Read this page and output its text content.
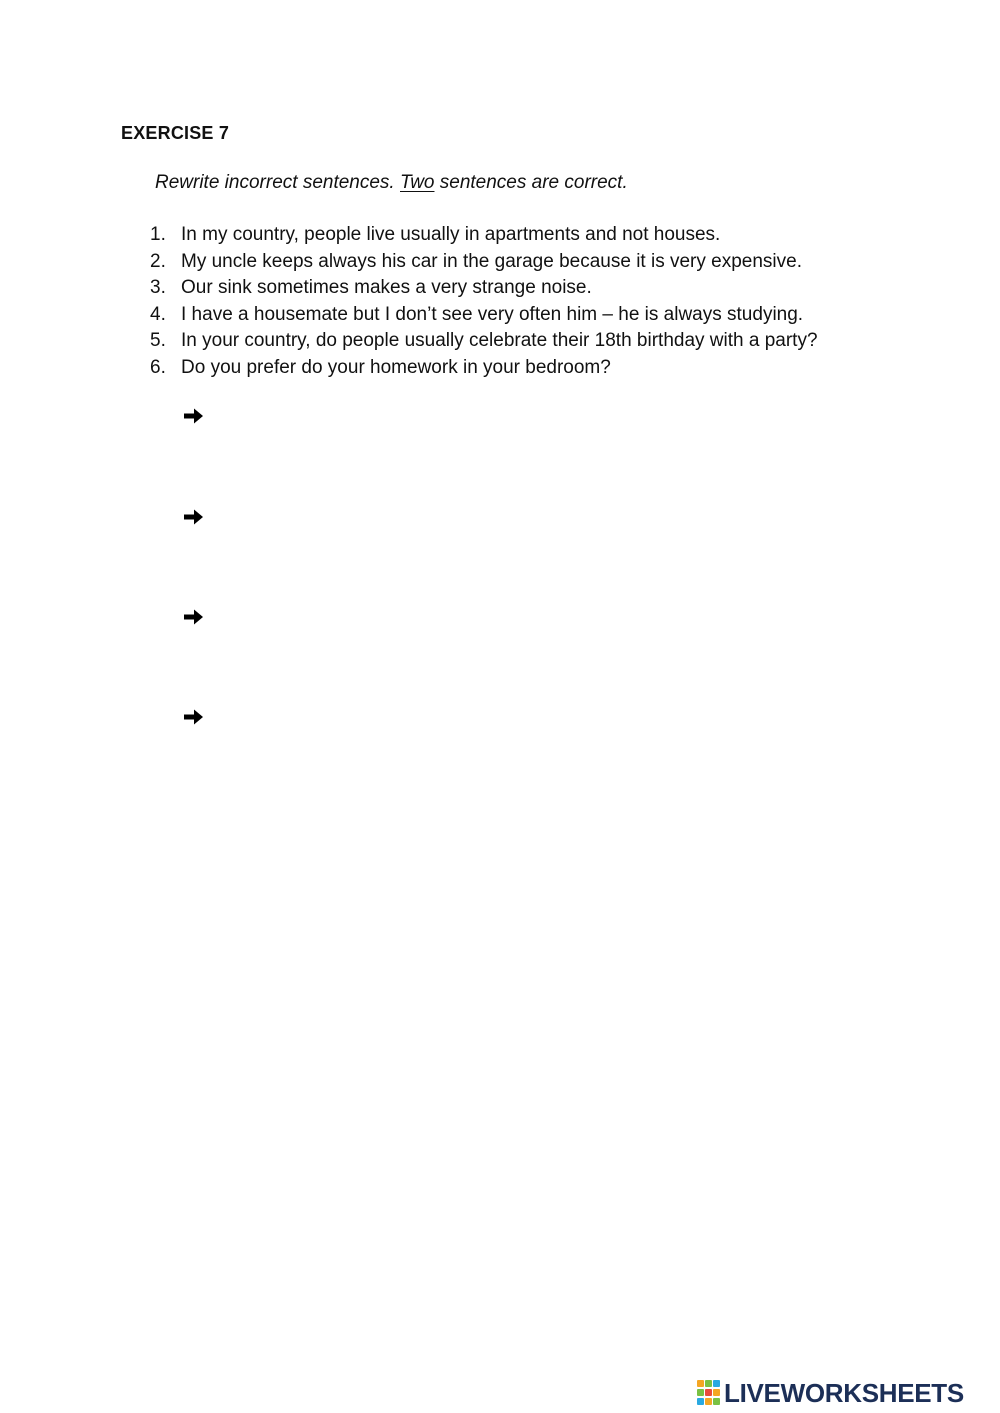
EXERCISE 7
Rewrite incorrect sentences. Two sentences are correct.
1. In my country, people live usually in apartments and not houses.
2. My uncle keeps always his car in the garage because it is very expensive.
3. Our sink sometimes makes a very strange noise.
4. I have a housemate but I don’t see very often him – he is always studying.
5. In your country, do people usually celebrate their 18th birthday with a party?
6. Do you prefer do your homework in your bedroom?
LIVEWORKSHEETS
